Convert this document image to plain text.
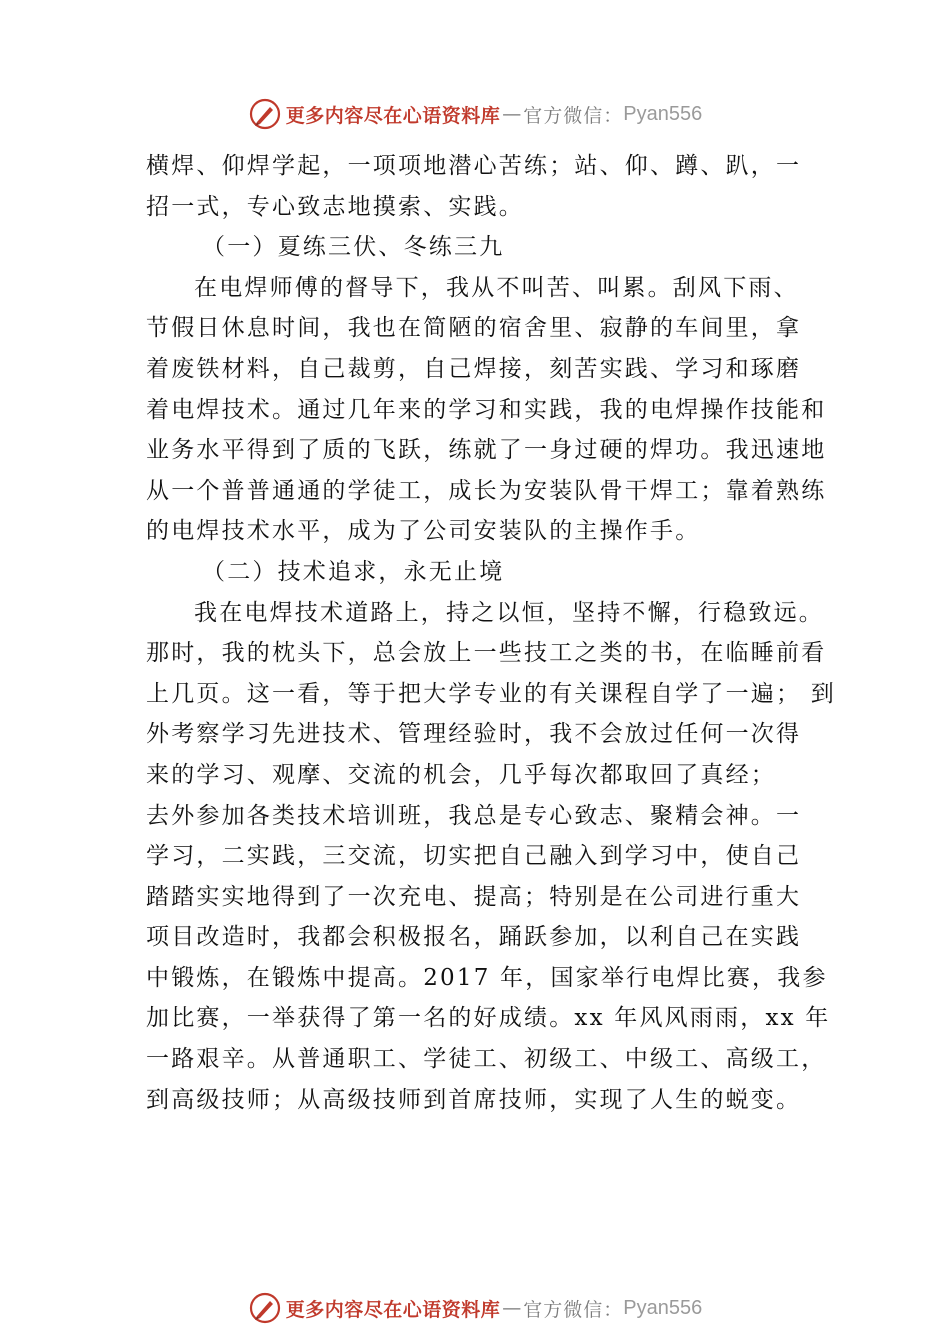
更多内容尽在心语资料库 — 官方微信： Pyan556
横焊、仰焊学起，一项项地潜心苦练；站、仰、蹲、趴，一
招一式，专心致志地摸索、实践。
（一）夏练三伏、冬练三九
在电焊师傅的督导下，我从不叫苦、叫累。刮风下雨、
节假日休息时间，我也在简陋的宿舍里、寂静的车间里，拿
着废铁材料，自己裁剪，自己焊接，刻苦实践、学习和琢磨
着电焊技术。通过几年来的学习和实践，我的电焊操作技能和
业务水平得到了质的飞跃，练就了一身过硬的焊功。我迅速地
从一个普普通通的学徒工，成长为安装队骨干焊工；靠着熟练
的电焊技术水平，成为了公司安装队的主操作手。
（二）技术追求，永无止境
我在电焊技术道路上，持之以恒，坚持不懈，行稳致远。
那时，我的枕头下，总会放上一些技工之类的书，在临睡前看
上几页。这一看，等于把大学专业的有关课程自学了一遍； 到
外考察学习先进技术、管理经验时，我不会放过任何一次得
来的学习、观摩、交流的机会，几乎每次都取回了真经；
去外参加各类技术培训班，我总是专心致志、聚精会神。一
学习，二实践，三交流，切实把自己融入到学习中，使自己
踏踏实实地得到了一次充电、提高；特别是在公司进行重大
项目改造时，我都会积极报名，踊跃参加，以利自己在实践
中锻炼，在锻炼中提高。2017 年，国家举行电焊比赛，我参
加比赛，一举获得了第一名的好成绩。xx 年风风雨雨，xx 年
一路艰辛。从普通职工、学徒工、初级工、中级工、高级工，
到高级技师；从高级技师到首席技师，实现了人生的蜕变。
更多内容尽在心语资料库 — 官方微信： Pyan556
